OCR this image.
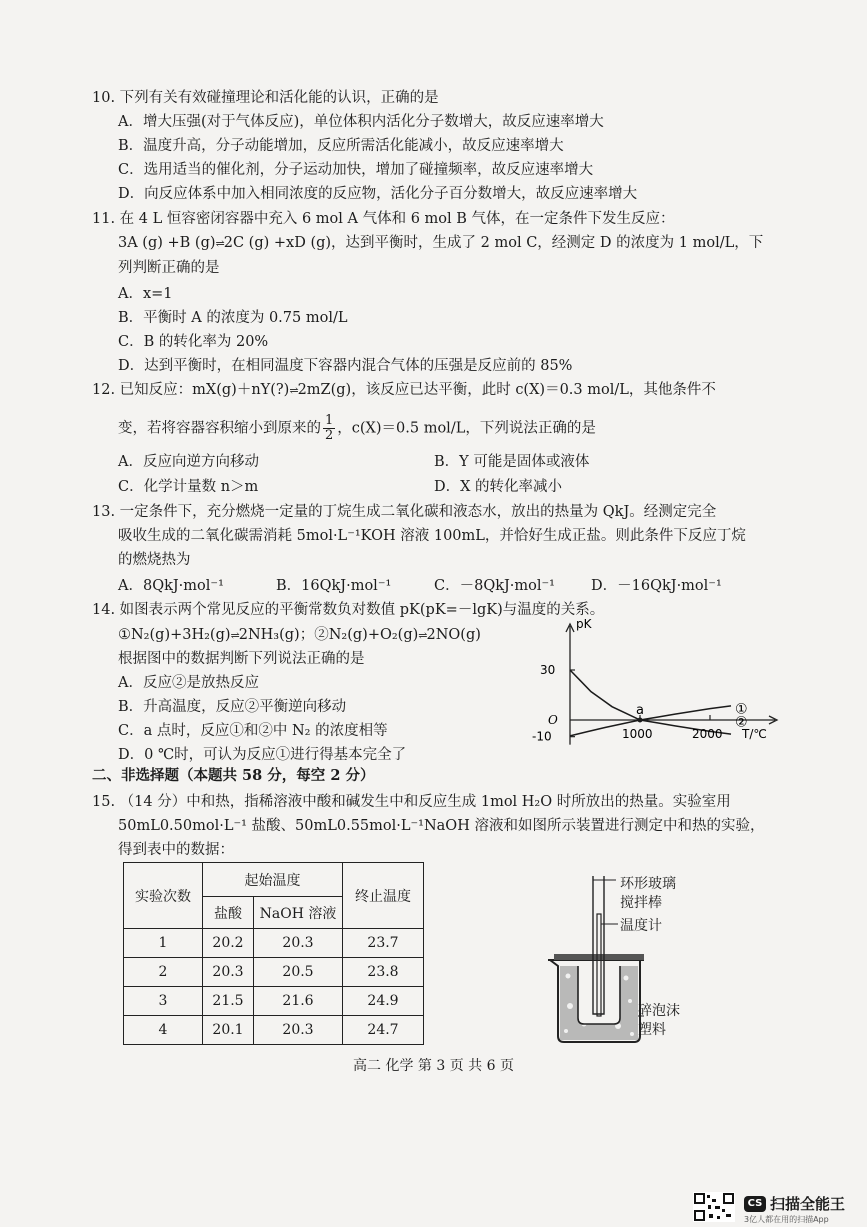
10. 下列有关有效碰撞理论和活化能的认识，正确的是
A．增大压强(对于气体反应)，单位体积内活化分子数增大，故反应速率增大
B．温度升高，分子动能增加，反应所需活化能减小，故反应速率增大
C．选用适当的催化剂，分子运动加快，增加了碰撞频率，故反应速率增大
D．向反应体系中加入相同浓度的反应物，活化分子百分数增大，故反应速率增大
11. 在 4 L 恒容密闭容器中充入 6 mol A 气体和 6 mol B 气体，在一定条件下发生反应：
3A (g) +B (g)⇌2C (g) +xD (g)，达到平衡时，生成了 2 mol C，经测定 D 的浓度为 1 mol/L，下
列判断正确的是
A．x=1
B．平衡时 A 的浓度为 0.75 mol/L
C．B 的转化率为 20%
D．达到平衡时，在相同温度下容器内混合气体的压强是反应前的 85%
12. 已知反应：mX(g)＋nY(?)⇌2mZ(g)，该反应已达平衡，此时 c(X)＝0.3 mol/L，其他条件不
变，若将容器容积缩小到原来的 $\frac{1}{2}$ ，c(X)＝0.5 mol/L，下列说法正确的是
A．反应向逆方向移动	B．Y 可能是固体或液体
C．化学计量数 n＞m	D．X 的转化率减小
13. 一定条件下，充分燃烧一定量的丁烷生成二氧化碳和液态水，放出的热量为 QkJ。经测定完全
吸收生成的二氧化碳需消耗 5mol·L⁻¹KOH 溶液 100mL，并恰好生成正盐。则此条件下反应丁烷
的燃烧热为
A．8QkJ·mol⁻¹	B．16QkJ·mol⁻¹	C．－8QkJ·mol⁻¹ D．－16QkJ·mol⁻¹
14. 如图表示两个常见反应的平衡常数负对数值 pK(pK=－lgK)与温度的关系。
①N₂(g)+3H₂(g)⇌2NH₃(g)；②N₂(g)+O₂(g)⇌2NO(g)
根据图中的数据判断下列说法正确的是
A．反应②是放热反应
B．升高温度，反应②平衡逆向移动
C．a 点时，反应①和②中 N₂ 的浓度相等
D．0 ℃时，可认为反应①进行得基本完全了
①
②
a
1000	2000
30
O
-10
pK
T/℃
二、非选择题（本题共 58 分，每空 2 分）
15. （14 分）中和热，指稀溶液中酸和碱发生中和反应生成 1mol H₂O 时所放出的热量。实验室用
50mL0.50mol·L⁻¹ 盐酸、50mL0.55mol·L⁻¹NaOH 溶液和如图所示装置进行测定中和热的实验，
得到表中的数据：
实验次数	起始温度		终止温度
	盐酸	NaOH 溶液	
1	20.2	20.3	23.7
2	20.3	20.5	23.8
3	21.5	21.6	24.9
4	20.1	20.3	24.7
环形玻璃
搅拌棒
温度计
碎泡沫
塑料
高二 化学 第 3 页 共 6 页
CS 扫描全能王
3亿人都在用的扫描App
